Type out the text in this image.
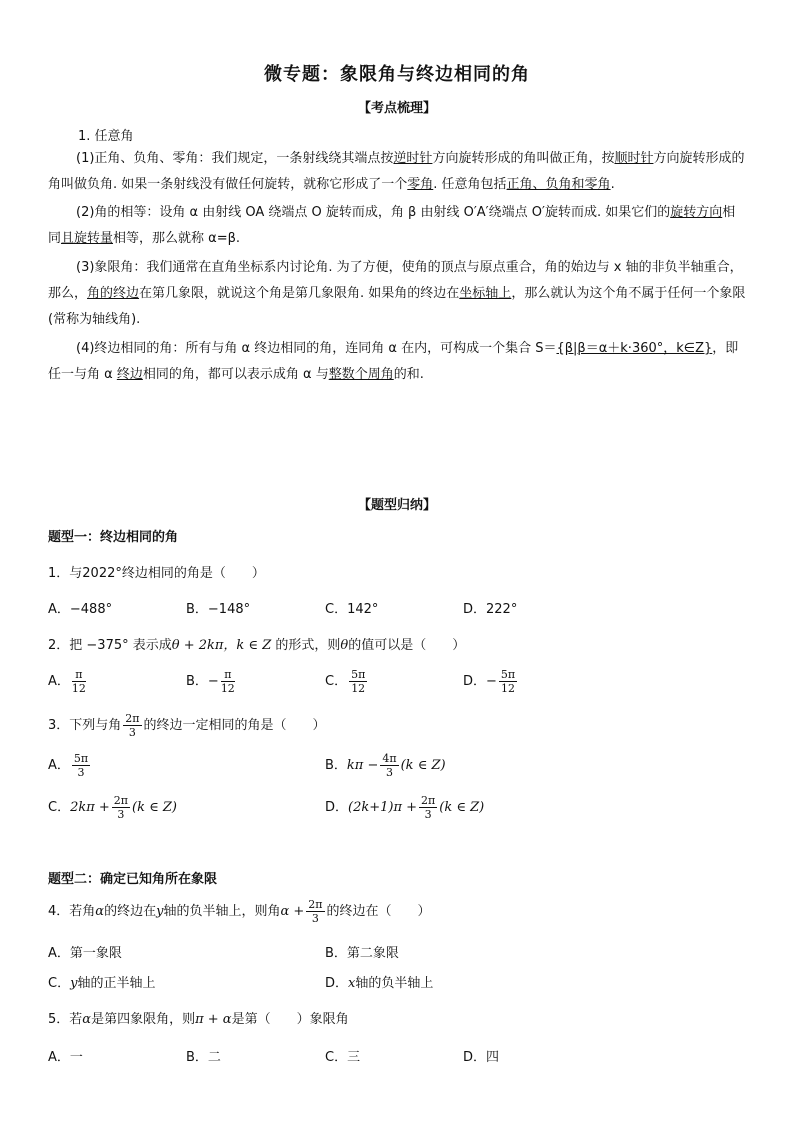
微专题：象限角与终边相同的角
【考点梳理】
1. 任意角
(1)正角、负角、零角：我们规定，一条射线绕其端点按逆时针方向旋转形成的角叫做正角，按顺时针方向旋转形成的角叫做负角. 如果一条射线没有做任何旋转，就称它形成了一个零角. 任意角包括正角、负角和零角.
(2)角的相等：设角 α 由射线 OA 绕端点 O 旋转而成，角 β 由射线 O′A′绕端点 O′旋转而成. 如果它们的旋转方向相同且旋转量相等，那么就称 α=β.
(3)象限角：我们通常在直角坐标系内讨论角. 为了方便，使角的顶点与原点重合，角的始边与 x 轴的非负半轴重合，那么，角的终边在第几象限，就说这个角是第几象限角. 如果角的终边在坐标轴上，那么就认为这个角不属于任何一个象限(常称为轴线角).
(4)终边相同的角：所有与角 α 终边相同的角，连同角 α 在内，可构成一个集合 S＝{β|β＝α＋k·360°，k∈Z}，即任一与角 α 终边相同的角，都可以表示成角 α 与整数个周角的和.
【题型归纳】
题型一：终边相同的角
1．与2022°终边相同的角是（　　）
A．−488°	B．−148°	C．142°	D．222°
2．把 −375° 表示成θ + 2kπ，k ∈ Z 的形式，则θ的值可以是（　　）
A． $\frac{\pi}{12}$	B．− $\frac{\pi}{12}$	C． $\frac{5\pi}{12}$	D．− $\frac{5\pi}{12}$
3．下列与角 $\frac{2\pi}{3}$ 的终边一定相同的角是（　　）
A． $\frac{5\pi}{3}$	B．$k\pi - \frac{4\pi}{3} (k$ ∈ Z)
C．$2k\pi + \frac{2\pi}{3} (k$ ∈ Z)	D．$(2k+1)\pi + \frac{2\pi}{3} (k$ ∈ Z)
题型二：确定已知角所在象限
4．若角α的终边在y轴的负半轴上，则角$\alpha + \frac{2\pi}{3}$ 的终边在（　　）
A．第一象限	B．第二象限
C．y轴的正半轴上	D．x轴的负半轴上
5．若α是第四象限角，则π + α是第（　　）象限角
A．一	B．二	C．三	D．四
